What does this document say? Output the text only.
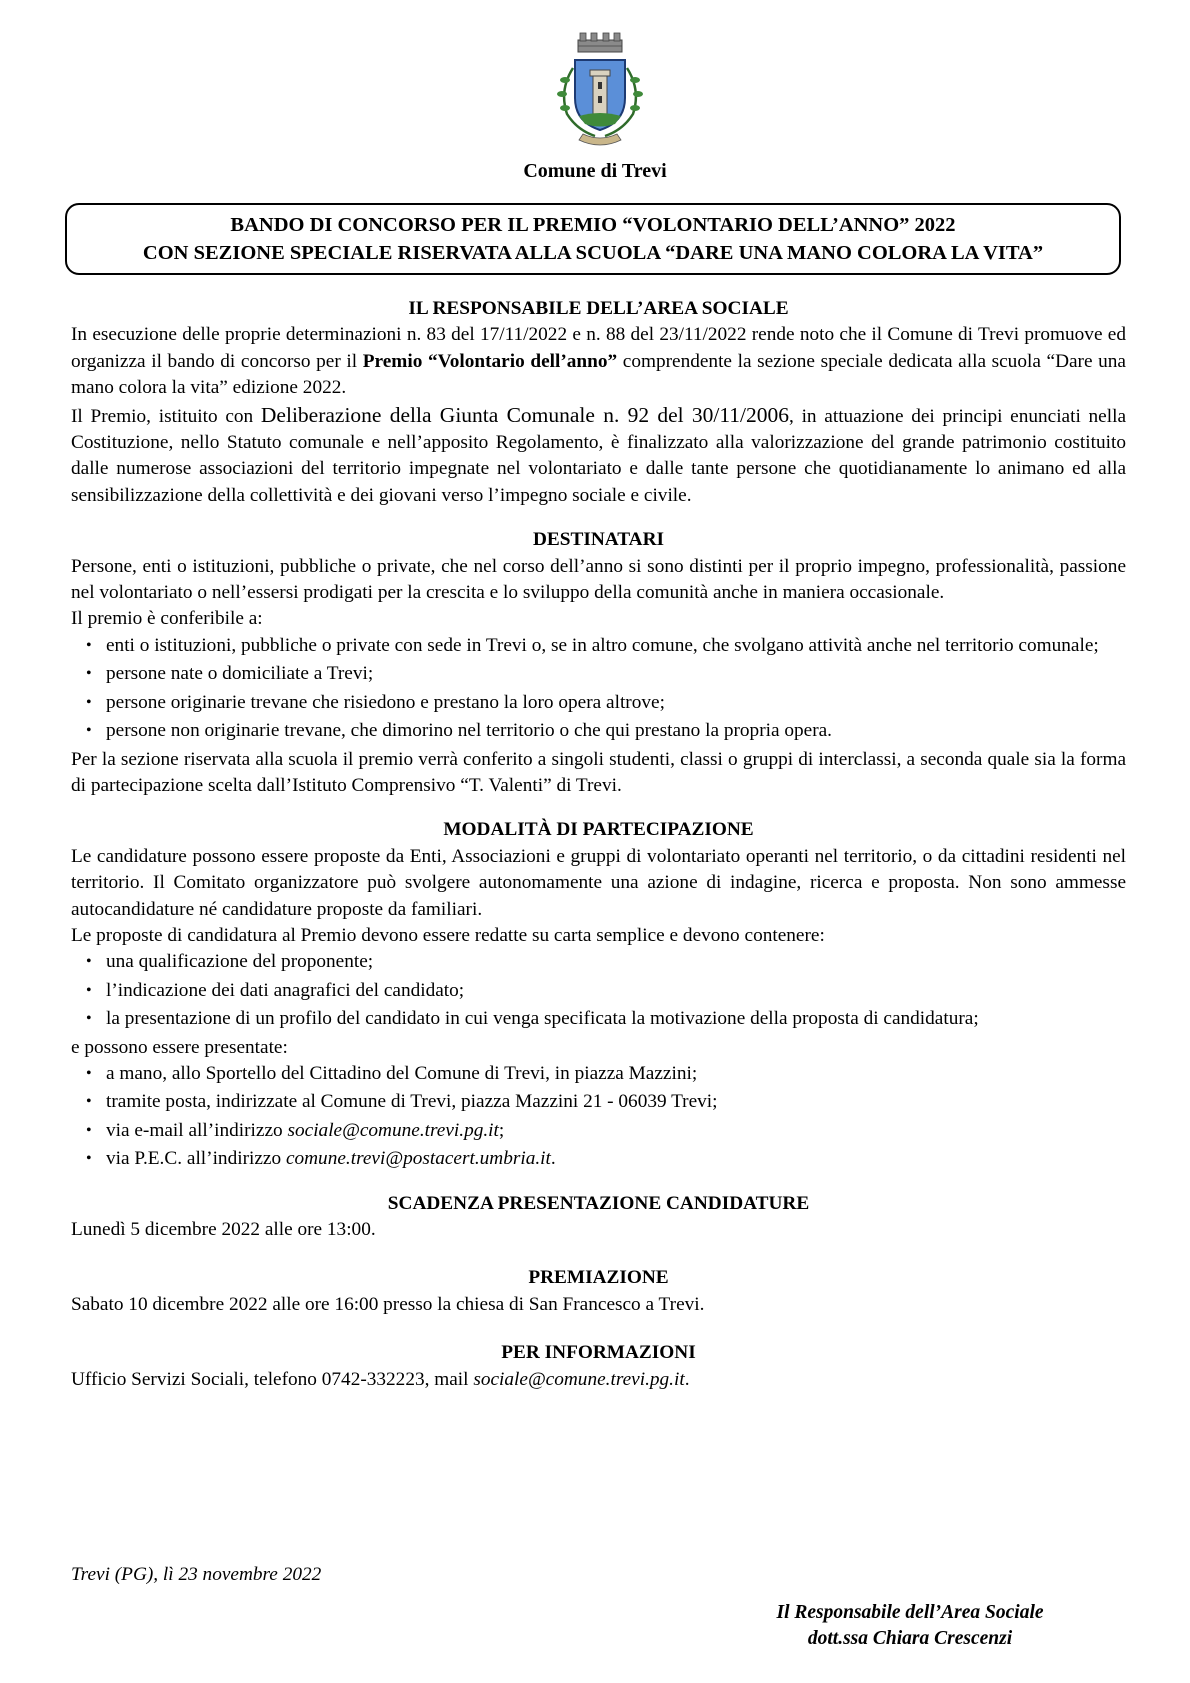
Comune di Trevi
BANDO DI CONCORSO PER IL PREMIO “VOLONTARIO DELL’ANNO” 2022
CON SEZIONE SPECIALE RISERVATA ALLA SCUOLA “DARE UNA MANO COLORA LA VITA”

IL RESPONSABILE DELL’AREA SOCIALE

In esecuzione delle proprie determinazioni n. 83 del 17/11/2022 e n. 88 del 23/11/2022 rende noto che il Comune di Trevi promuove ed organizza il bando di concorso per il Premio “Volontario dell’anno” comprendente la sezione speciale dedicata alla scuola “Dare una mano colora la vita” edizione 2022.

Il Premio, istituito con Deliberazione della Giunta Comunale n. 92 del 30/11/2006, in attuazione dei principi enunciati nella Costituzione, nello Statuto comunale e nell’apposito Regolamento, è finalizzato alla valorizzazione del grande patrimonio costituito dalle numerose associazioni del territorio impegnate nel volontariato e dalle tante persone che quotidianamente lo animano ed alla sensibilizzazione della collettività e dei giovani verso l’impegno sociale e civile.

DESTINATARI

Persone, enti o istituzioni, pubbliche o private, che nel corso dell’anno si sono distinti per il proprio impegno, professionalità, passione nel volontariato o nell’essersi prodigati per la crescita e lo sviluppo della comunità anche in maniera occasionale.

Il premio è conferibile a:

• enti o istituzioni, pubbliche o private con sede in Trevi o, se in altro comune, che svolgano attività anche nel territorio comunale;
• persone nate o domiciliate a Trevi;
• persone originarie trevane che risiedono e prestano la loro opera altrove;
• persone non originarie trevane, che dimorino nel territorio o che qui prestano la propria opera.

Per la sezione riservata alla scuola il premio verrà conferito a singoli studenti, classi o gruppi di interclassi, a seconda quale sia la forma di partecipazione scelta dall’Istituto Comprensivo “T. Valenti” di Trevi.

MODALITÀ DI PARTECIPAZIONE

Le candidature possono essere proposte da Enti, Associazioni e gruppi di volontariato operanti nel territorio, o da cittadini residenti nel territorio. Il Comitato organizzatore può svolgere autonomamente una azione di indagine, ricerca e proposta. Non sono ammesse autocandidature né candidature proposte da familiari.

Le proposte di candidatura al Premio devono essere redatte su carta semplice e devono contenere:

• una qualificazione del proponente;
• l’indicazione dei dati anagrafici del candidato;
• la presentazione di un profilo del candidato in cui venga specificata la motivazione della proposta di candidatura;

e possono essere presentate:

• a mano, allo Sportello del Cittadino del Comune di Trevi, in piazza Mazzini;
• tramite posta, indirizzate al Comune di Trevi, piazza Mazzini 21 - 06039 Trevi;
• via e-mail all’indirizzo sociale@comune.trevi.pg.it;
• via P.E.C. all’indirizzo comune.trevi@postacert.umbria.it.

SCADENZA PRESENTAZIONE CANDIDATURE

Lunedì 5 dicembre 2022 alle ore 13:00.

PREMIAZIONE

Sabato 10 dicembre 2022 alle ore 16:00 presso la chiesa di San Francesco a Trevi.

PER INFORMAZIONI

Ufficio Servizi Sociali, telefono 0742-332223, mail sociale@comune.trevi.pg.it.

Trevi (PG), lì 23 novembre 2022
Il Responsabile dell’Area Sociale
dott.ssa Chiara Crescenzi
